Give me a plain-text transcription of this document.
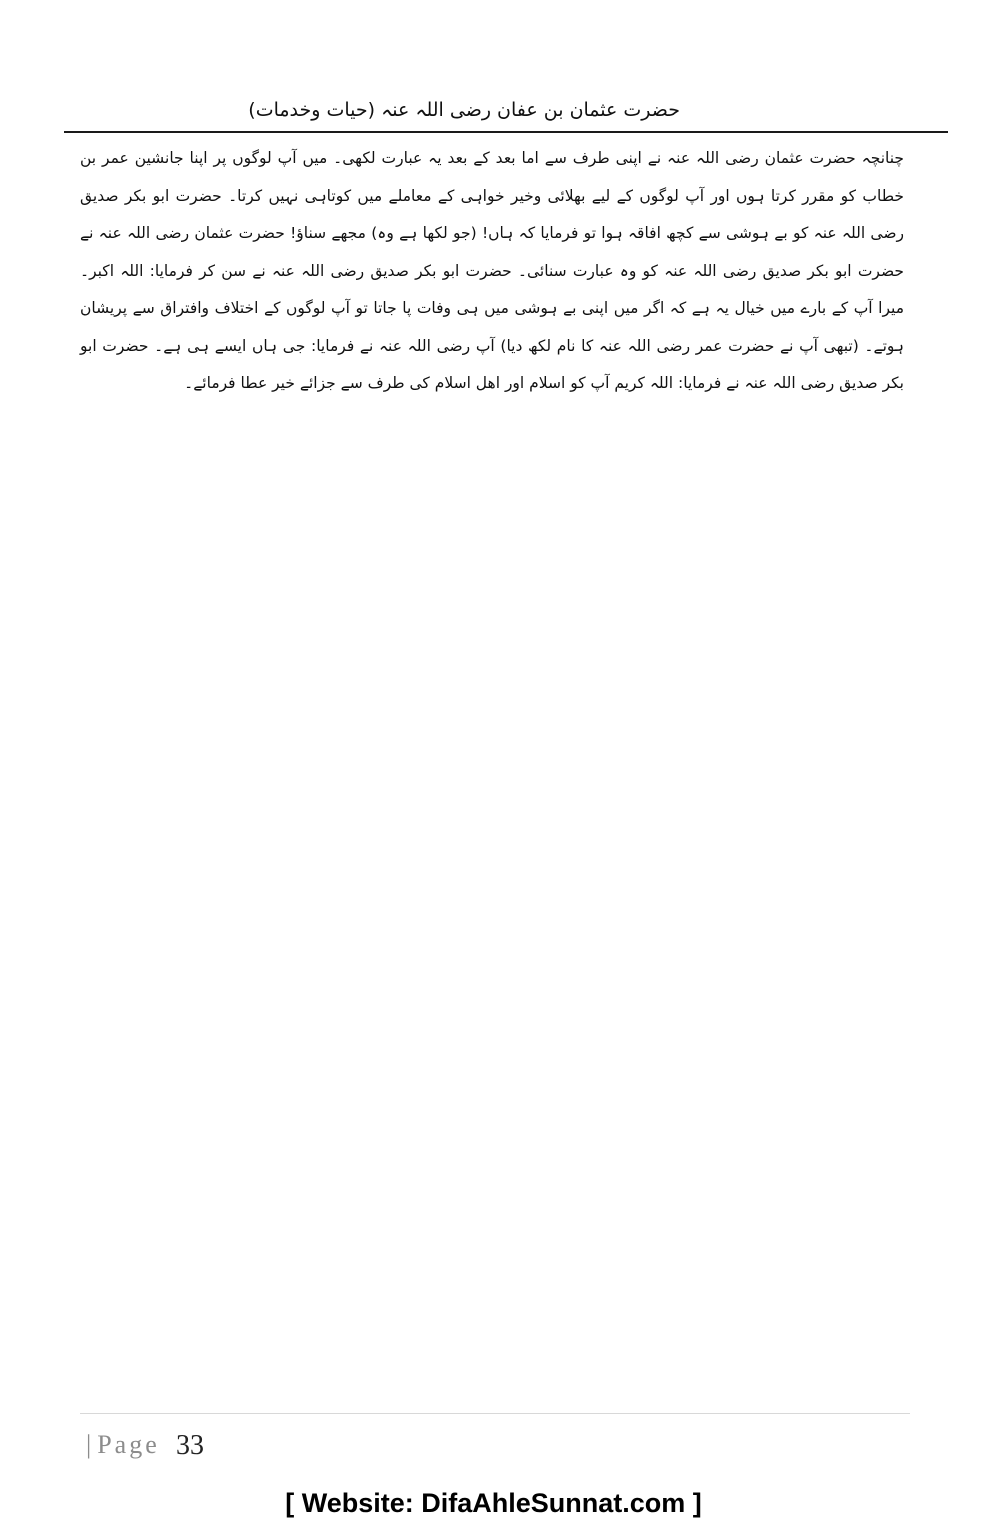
حضرت عثمان بن عفان رضی اللہ عنہ (حیات وخدمات)
چنانچہ حضرت عثمان رضی اللہ عنہ نے اپنی طرف سے اما بعد کے بعد یہ عبارت لکھی۔ میں آپ لوگوں پر اپنا جانشین عمر بن خطاب کو مقرر کرتا ہوں اور آپ لوگوں کے لیے بھلائی وخیر خواہی کے معاملے میں کوتاہی نہیں کرتا۔ حضرت ابو بکر صدیق رضی اللہ عنہ کو بے ہوشی سے کچھ افاقہ ہوا تو فرمایا کہ ہاں! (جو لکھا ہے وہ) مجھے سناؤ! حضرت عثمان رضی اللہ عنہ نے حضرت ابو بکر صدیق رضی اللہ عنہ کو وہ عبارت سنائی۔ حضرت ابو بکر صدیق رضی اللہ عنہ نے سن کر فرمایا: اللہ اکبر۔ میرا آپ کے بارے میں خیال یہ ہے کہ اگر میں اپنی بے ہوشی میں ہی وفات پا جاتا تو آپ لوگوں کے اختلاف وافتراق سے پریشان ہوتے۔ (تبھی آپ نے حضرت عمر رضی اللہ عنہ کا نام لکھ دیا) آپ رضی اللہ عنہ نے فرمایا: جی ہاں ایسے ہی ہے۔ حضرت ابو بکر صدیق رضی اللہ عنہ نے فرمایا: اللہ کریم آپ کو اسلام اور اھل اسلام کی طرف سے جزائے خیر عطا فرمائے۔
| Page 33
[ Website: DifaAhleSunnat.com ]
